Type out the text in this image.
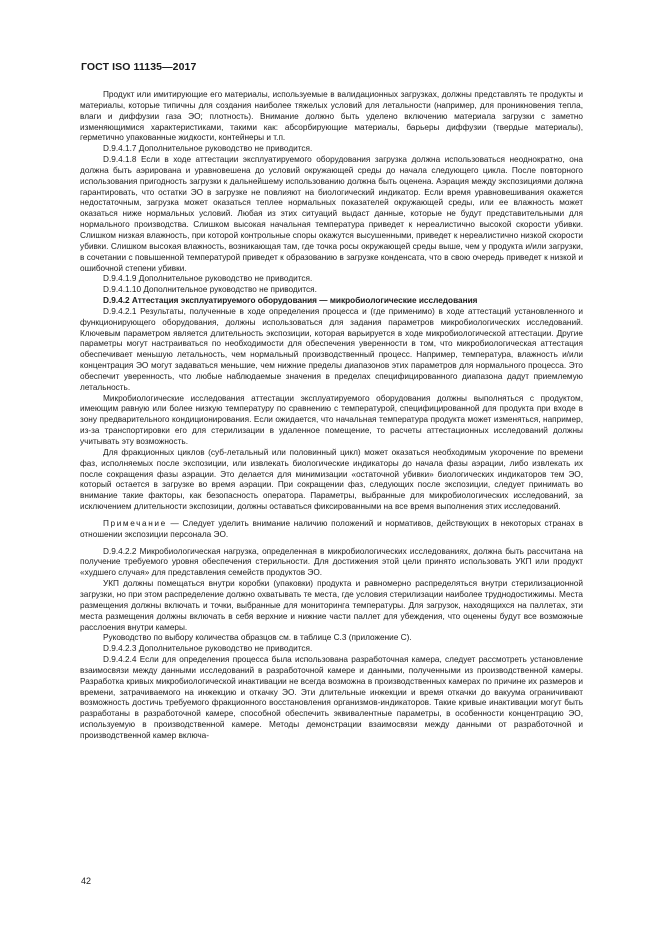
ГОСТ ISO 11135—2017

Продукт или имитирующие его материалы, используемые в валидационных загрузках, должны представлять те продукты и материалы, которые типичны для создания наиболее тяжелых условий для летальности (например, для проникновения тепла, влаги и диффузии газа ЭО; плотность). Внимание должно быть уделено включению материала загрузки с заметно изменяющимися характеристиками, такими как: абсорбирующие материалы, барьеры диффузии (твердые материалы), герметично упакованные жидкости, контейнеры и т.п.

D.9.4.1.7 Дополнительное руководство не приводится.

D.9.4.1.8 Если в ходе аттестации эксплуатируемого оборудования загрузка должна использоваться неоднократно, она должна быть аэрирована и уравновешена до условий окружающей среды до начала следующего цикла. После повторного использования пригодность загрузки к дальнейшему использованию должна быть оценена. Аэрация между экспозициями должна гарантировать, что остатки ЭО в загрузке не повлияют на биологический индикатор. Если время уравновешивания окажется недостаточным, загрузка может оказаться теплее нормальных показателей окружающей среды, или ее влажность может оказаться ниже нормальных условий. Любая из этих ситуаций выдаст данные, которые не будут представительными для нормального производства. Слишком высокая начальная температура приведет к нереалистично высокой скорости убивки. Слишком низкая влажность, при которой контрольные споры окажутся высушенными, приведет к нереалистично низкой скорости убивки. Слишком высокая влажность, возникающая там, где точка росы окружающей среды выше, чем у продукта и/или загрузки, в сочетании с повышенной температурой приведет к образованию в загрузке конденсата, что в свою очередь приведет к низкой и ошибочной степени убивки.

D.9.4.1.9 Дополнительное руководство не приводится.

D.9.4.1.10 Дополнительное руководство не приводится.

D.9.4.2 Аттестация эксплуатируемого оборудования — микробиологические исследования

D.9.4.2.1 Результаты, полученные в ходе определения процесса и (где применимо) в ходе аттестаций установленного и функционирующего оборудования, должны использоваться для задания параметров микробиологических исследований. Ключевым параметром является длительность экспозиции, которая варьируется в ходе микробиологической аттестации. Другие параметры могут настраиваться по необходимости для обеспечения уверенности в том, что микробиологическая аттестация обеспечивает меньшую летальность, чем нормальный производственный процесс. Например, температура, влажность и/или концентрация ЭО могут задаваться меньшие, чем нижние пределы диапазонов этих параметров для нормального процесса. Это обеспечит уверенность, что любые наблюдаемые значения в пределах специфицированного диапазона дадут приемлемую летальность.

Микробиологические исследования аттестации эксплуатируемого оборудования должны выполняться с продуктом, имеющим равную или более низкую температуру по сравнению с температурой, специфицированной для продукта при входе в зону предварительного кондиционирования. Если ожидается, что начальная температура продукта может изменяться, например, из-за транспортировки его для стерилизации в удаленное помещение, то расчеты аттестационных исследований должны учитывать эту возможность.

Для фракционных циклов (суб-летальный или половинный цикл) может оказаться необходимым укорочение по времени фаз, исполняемых после экспозиции, или извлекать биологические индикаторы до начала фазы аэрации, либо извлекать их после сокращения фазы аэрации. Это делается для минимизации «остаточной убивки» биологических индикаторов тем ЭО, который остается в загрузке во время аэрации. При сокращении фаз, следующих после экспозиции, следует принимать во внимание такие факторы, как безопасность оператора. Параметры, выбранные для микробиологических исследований, за исключением длительности экспозиции, должны оставаться фиксированными на все время выполнения этих исследований.

Примечание — Следует уделить внимание наличию положений и нормативов, действующих в некоторых странах в отношении экспозиции персонала ЭО.

D.9.4.2.2 Микробиологическая нагрузка, определенная в микробиологических исследованиях, должна быть рассчитана на получение требуемого уровня обеспечения стерильности. Для достижения этой цели принято использовать УКП или продукт «худшего случая» для представления семейств продуктов ЭО.

УКП должны помещаться внутри коробки (упаковки) продукта и равномерно распределяться внутри стерилизационной загрузки, но при этом распределение должно охватывать те места, где условия стерилизации наиболее труднодостижимы. Места размещения должны включать и точки, выбранные для мониторинга температуры. Для загрузок, находящихся на паллетах, эти места размещения должны включать в себя верхние и нижние части паллет для убеждения, что оценены будут все возможные расслоения внутри камеры.

Руководство по выбору количества образцов см. в таблице С.3 (приложение С).

D.9.4.2.3 Дополнительное руководство не приводится.

D.9.4.2.4 Если для определения процесса была использована разработочная камера, следует рассмотреть установление взаимосвязи между данными исследований в разработочной камере и данными, полученными из производственной камеры. Разработка кривых микробиологической инактивации не всегда возможна в производственных камерах по причине их размеров и времени, затрачиваемого на инжекцию и откачку ЭО. Эти длительные инжекции и время откачки до вакуума ограничивают возможность достичь требуемого фракционного восстановления организмов-индикаторов. Такие кривые инактивации могут быть разработаны в разработочной камере, способной обеспечить эквивалентные параметры, в особенности концентрацию ЭО, используемую в производственной камере. Методы демонстрации взаимосвязи между данными от разработочной и производственной камер включа-

42
